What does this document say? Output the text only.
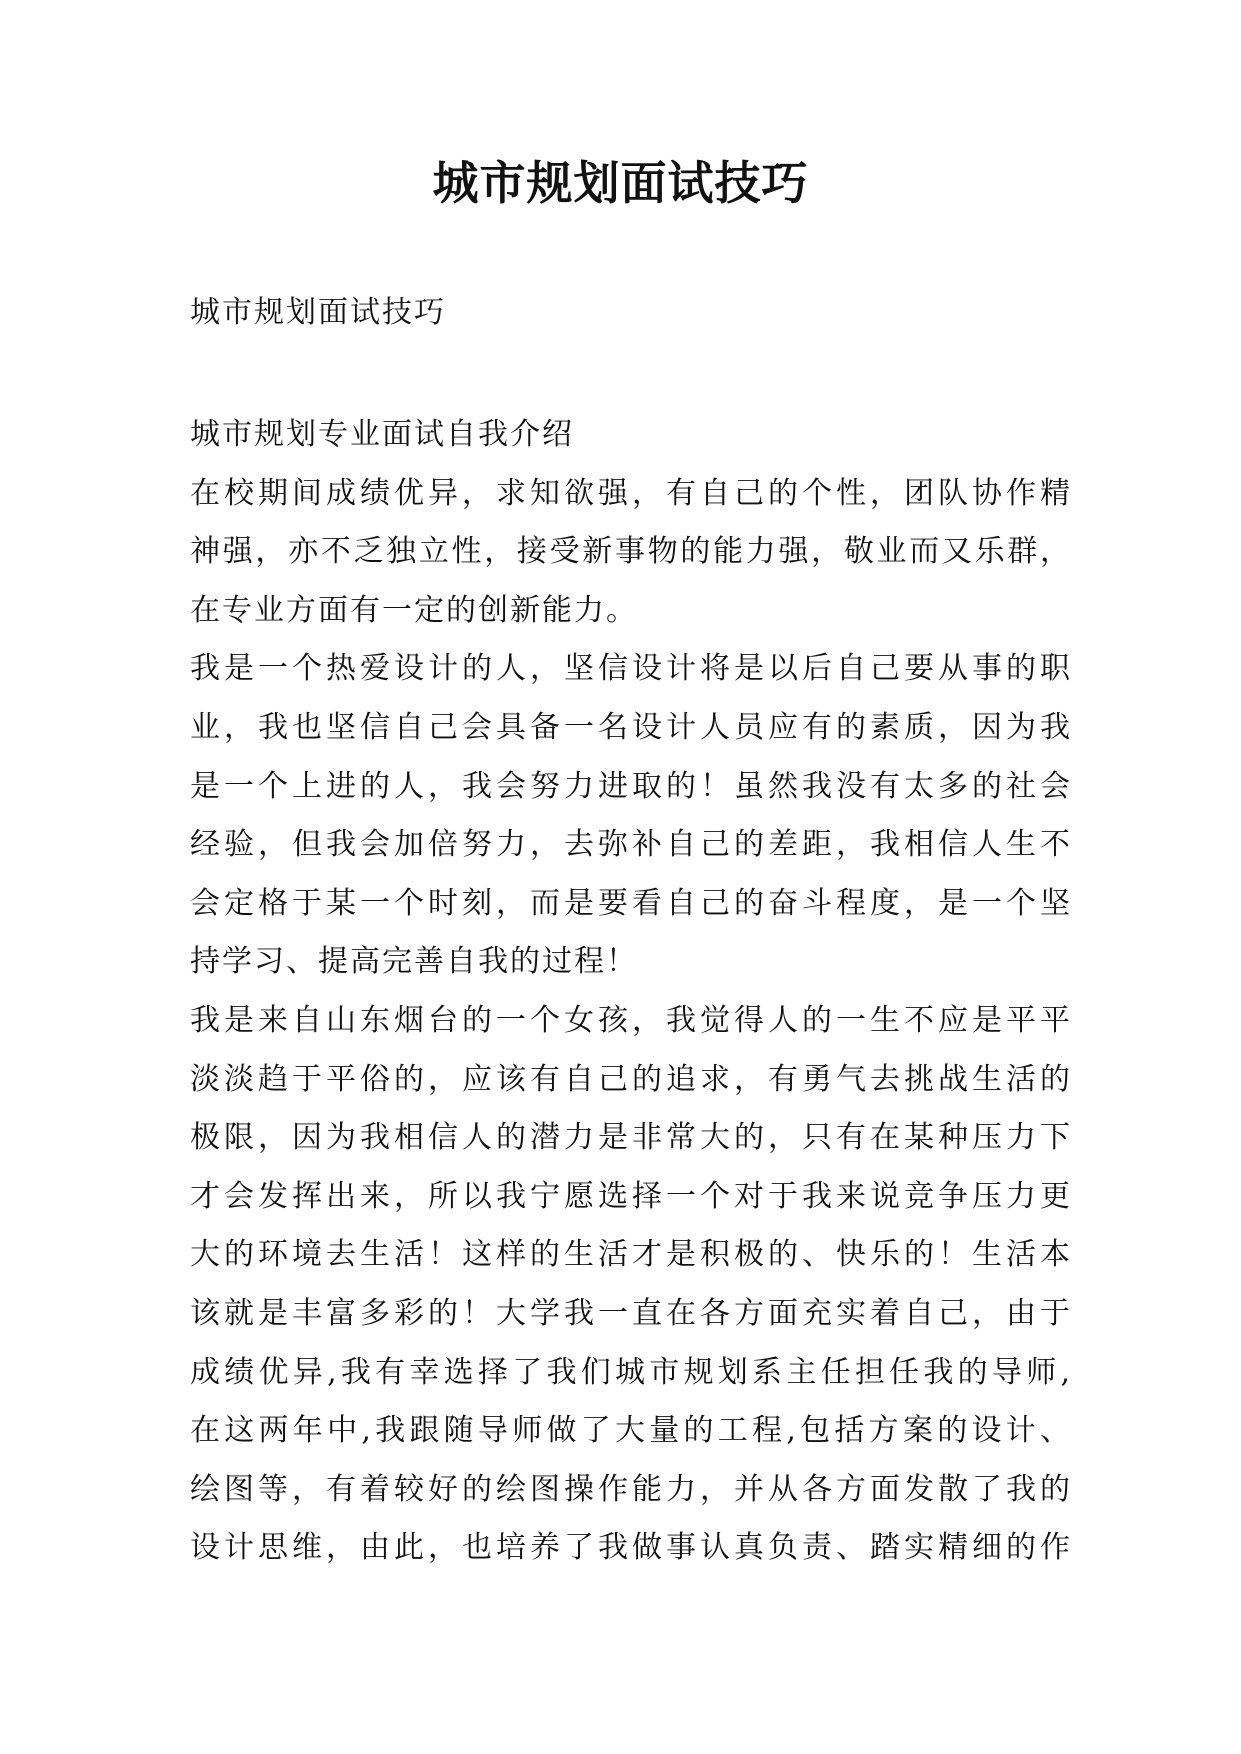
城市规划面试技巧
城市规划面试技巧
城市规划专业面试自我介绍
在校期间成绩优异，求知欲强，有自己的个性，团队协作精
神强，亦不乏独立性，接受新事物的能力强，敬业而又乐群，
在专业方面有一定的创新能力。
我是一个热爱设计的人，坚信设计将是以后自己要从事的职
业，我也坚信自己会具备一名设计人员应有的素质，因为我
是一个上进的人，我会努力进取的！虽然我没有太多的社会
经验，但我会加倍努力，去弥补自己的差距，我相信人生不
会定格于某一个时刻，而是要看自己的奋斗程度，是一个坚
持学习、提高完善自我的过程！
我是来自山东烟台的一个女孩，我觉得人的一生不应是平平
淡淡趋于平俗的，应该有自己的追求，有勇气去挑战生活的
极限，因为我相信人的潜力是非常大的，只有在某种压力下
才会发挥出来，所以我宁愿选择一个对于我来说竞争压力更
大的环境去生活！这样的生活才是积极的、快乐的！生活本
该就是丰富多彩的！大学我一直在各方面充实着自己，由于
成绩优异,我有幸选择了我们城市规划系主任担任我的导师,
在这两年中,我跟随导师做了大量的工程,包括方案的设计、
绘图等，有着较好的绘图操作能力，并从各方面发散了我的
设计思维，由此，也培养了我做事认真负责、踏实精细的作
